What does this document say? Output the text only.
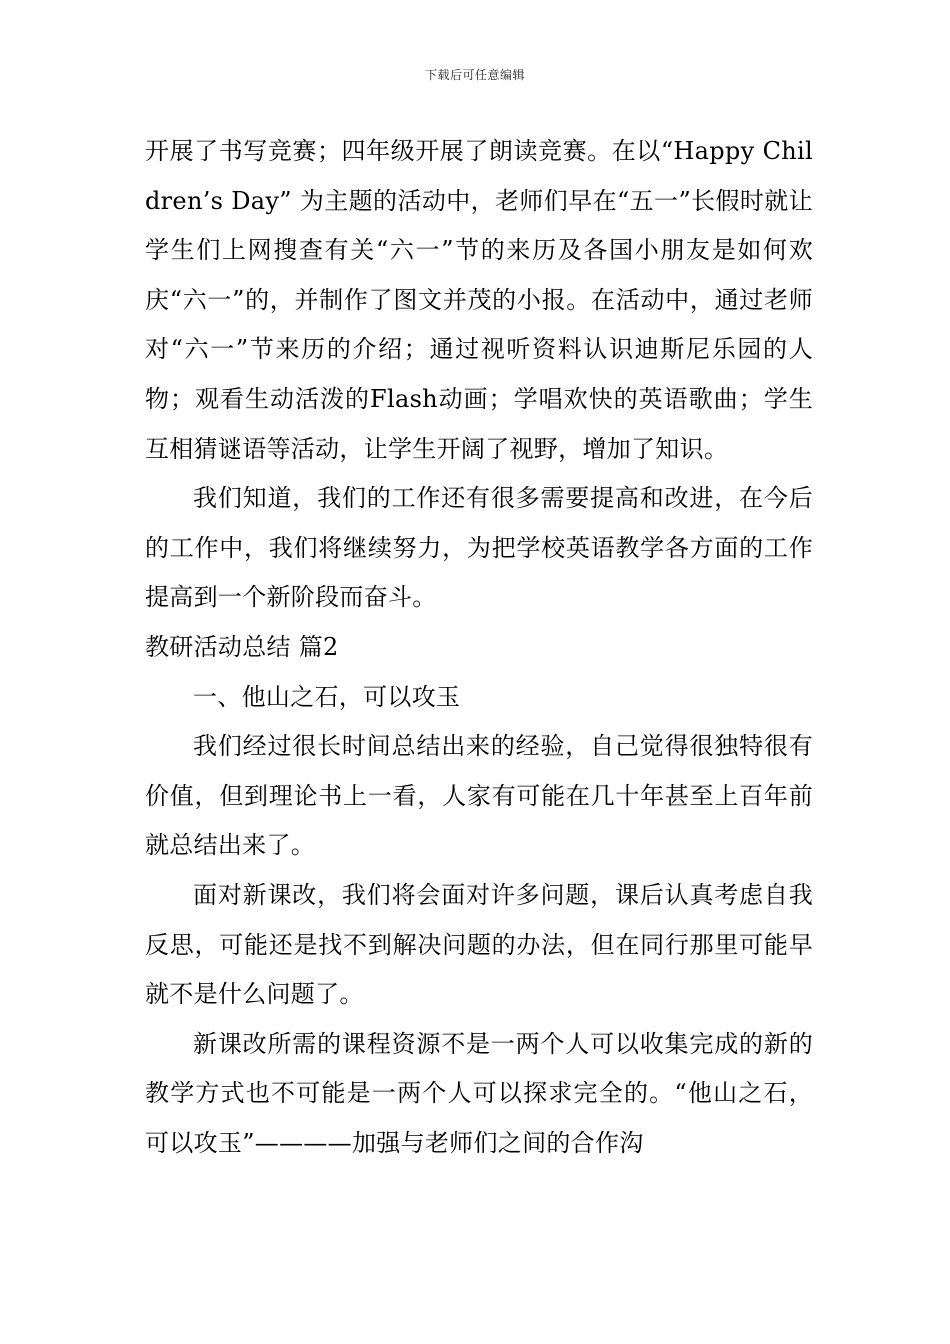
下载后可任意编辑

开展了书写竞赛；四年级开展了朗读竞赛。在以“Happy Children’s Day” 为主题的活动中，老师们早在“五一”长假时就让学生们上网搜查有关“六一”节的来历及各国小朋友是如何欢庆“六一”的，并制作了图文并茂的小报。在活动中，通过老师对“六一”节来历的介绍；通过视听资料认识迪斯尼乐园的人物；观看生动活泼的Flash动画；学唱欢快的英语歌曲；学生互相猜谜语等活动，让学生开阔了视野，增加了知识。

我们知道，我们的工作还有很多需要提高和改进，在今后的工作中，我们将继续努力，为把学校英语教学各方面的工作提高到一个新阶段而奋斗。

教研活动总结 篇2

一、他山之石，可以攻玉

我们经过很长时间总结出来的经验，自己觉得很独特很有价值，但到理论书上一看，人家有可能在几十年甚至上百年前就总结出来了。

面对新课改，我们将会面对许多问题，课后认真考虑自我反思，可能还是找不到解决问题的办法，但在同行那里可能早就不是什么问题了。

新课改所需的课程资源不是一两个人可以收集完成的新的教学方式也不可能是一两个人可以探求完全的。“他山之石，可以攻玉”————加强与老师们之间的合作沟
